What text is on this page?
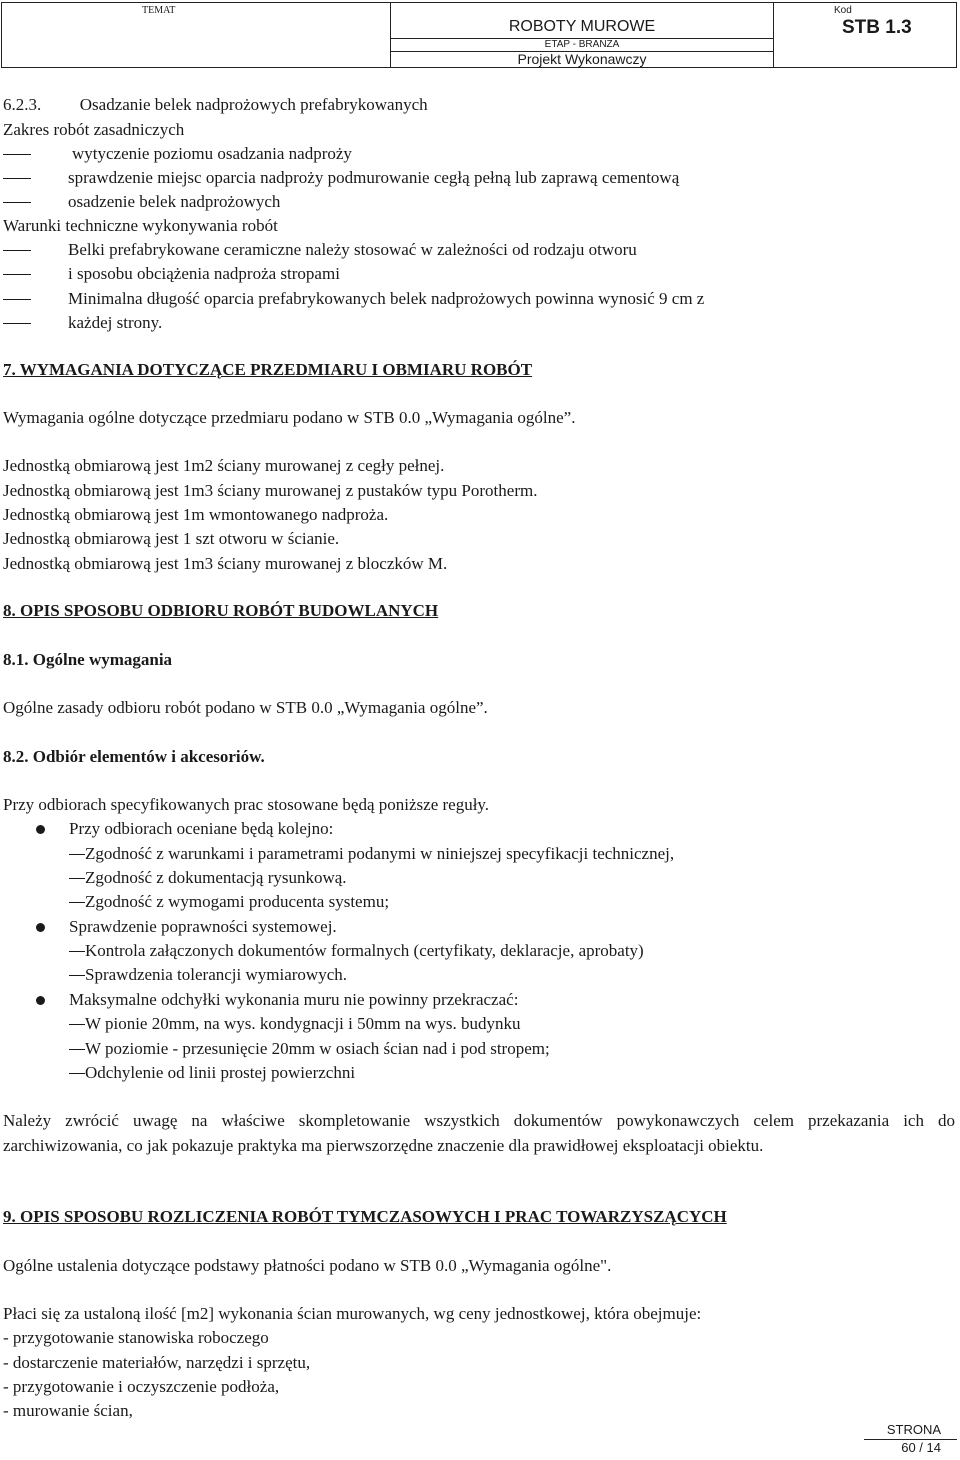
TEMAT
ROBOTY MUROWE
ETAP - BRANŻA
Projekt Wykonawczy
Kod
STB 1.3
6.2.3. Osadzanie belek nadprożowych prefabrykowanych
Zakres robót zasadniczych
wytyczenie poziomu osadzania nadproży
sprawdzenie miejsc oparcia nadproży podmurowanie cegłą pełną lub zaprawą cementową
osadzenie belek nadprożowych
Warunki techniczne wykonywania robót
Belki prefabrykowane ceramiczne należy stosować w zależności od rodzaju otworu
i sposobu obciążenia nadproża stropami
Minimalna długość oparcia prefabrykowanych belek nadprożowych powinna wynosić 9 cm z
każdej strony.
7. WYMAGANIA DOTYCZĄCE PRZEDMIARU I OBMIARU ROBÓT
Wymagania ogólne dotyczące przedmiaru podano w STB 0.0 „Wymagania ogólne”.
Jednostką obmiarową jest 1m2 ściany murowanej z cegły pełnej.
Jednostką obmiarową jest 1m3 ściany murowanej z pustaków typu Porotherm.
Jednostką obmiarową jest 1m wmontowanego nadproża.
Jednostką obmiarową jest 1 szt otworu w ścianie.
Jednostką obmiarową jest 1m3 ściany murowanej z bloczków M.
8. OPIS SPOSOBU ODBIORU ROBÓT BUDOWLANYCH
8.1. Ogólne wymagania
Ogólne zasady odbioru robót podano w STB 0.0 „Wymagania ogólne”.
8.2. Odbiór elementów i akcesoriów.
Przy odbiorach specyfikowanych prac stosowane będą poniższe reguły.
Przy odbiorach oceniane będą kolejno:
Zgodność z warunkami i parametrami podanymi w niniejszej specyfikacji technicznej,
Zgodność z dokumentacją rysunkową.
Zgodność z wymogami producenta systemu;
Sprawdzenie poprawności systemowej.
Kontrola załączonych dokumentów formalnych (certyfikaty, deklaracje, aprobaty)
Sprawdzenia tolerancji wymiarowych.
Maksymalne odchyłki wykonania muru nie powinny przekraczać:
W pionie 20mm, na wys. kondygnacji i 50mm na wys. budynku
W poziomie - przesunięcie 20mm w osiach ścian nad i pod stropem;
Odchylenie od linii prostej powierzchni
Należy zwrócić uwagę na właściwe skompletowanie wszystkich dokumentów powykonawczych celem przekazania ich do zarchiwizowania, co jak pokazuje praktyka ma pierwszorzędne znaczenie dla prawidłowej eksploatacji obiektu.
9. OPIS SPOSOBU ROZLICZENIA ROBÓT TYMCZASOWYCH I PRAC TOWARZYSZĄCYCH
Ogólne ustalenia dotyczące podstawy płatności podano w STB 0.0 „Wymagania ogólne".
Płaci się za ustaloną ilość [m2] wykonania ścian murowanych, wg ceny jednostkowej, która obejmuje:
- przygotowanie stanowiska roboczego
- dostarczenie materiałów, narzędzi i sprzętu,
- przygotowanie i oczyszczenie podłoża,
- murowanie ścian,
STRONA
60 / 14
